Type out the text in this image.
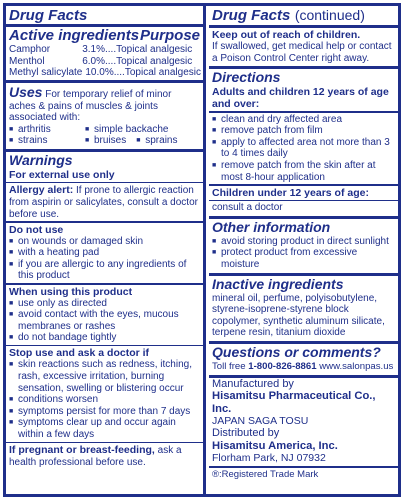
Drug Facts
Active ingredients Purpose
Camphor	3.1% .... Topical analgesic
Menthol	6.0% .... Topical analgesic
Methyl salicylate 10.0% .... Topical analgesic
Uses For temporary relief of minor aches & pains of muscles & joints associated with:
■ arthritis	■ simple backache
■ strains	■ bruises	■ sprains
Warnings
For external use only
Allergy alert: If prone to allergic reaction from aspirin or salicylates, consult a doctor before use.
Do not use
■ on wounds or damaged skin
■ with a heating pad
■ if you are allergic to any ingredients of this product
When using this product
■ use only as directed
■ avoid contact with the eyes, mucous membranes or rashes
■ do not bandage tightly
Stop use and ask a doctor if
■ skin reactions such as redness, itching, rash, excessive irritation, burning sensation, swelling or blistering occur
■ conditions worsen
■ symptoms persist for more than 7 days
■ symptoms clear up and occur again within a few days
If pregnant or breast-feeding, ask a health professional before use.
Drug Facts (continued)
Keep out of reach of children.
If swallowed, get medical help or contact a Poison Control Center right away.
Directions
Adults and children 12 years of age and over:
■ clean and dry affected area
■ remove patch from film
■ apply to affected area not more than 3 to 4 times daily
■ remove patch from the skin after at most 8-hour application
Children under 12 years of age:
consult a doctor
Other information
■ avoid storing product in direct sunlight
■ protect product from excessive moisture
Inactive ingredients
mineral oil, perfume, polyisobutylene, styrene-isoprene-styrene block copolymer, synthetic aluminum silicate, terpene resin, titanium dioxide
Questions or comments?
Toll free 1-800-826-8861 www.salonpas.us
Manufactured by
Hisamitsu Pharmaceutical Co., Inc.
JAPAN SAGA TOSU
Distributed by
Hisamitsu America, Inc.
Florham Park, NJ 07932
®:Registered Trade Mark
